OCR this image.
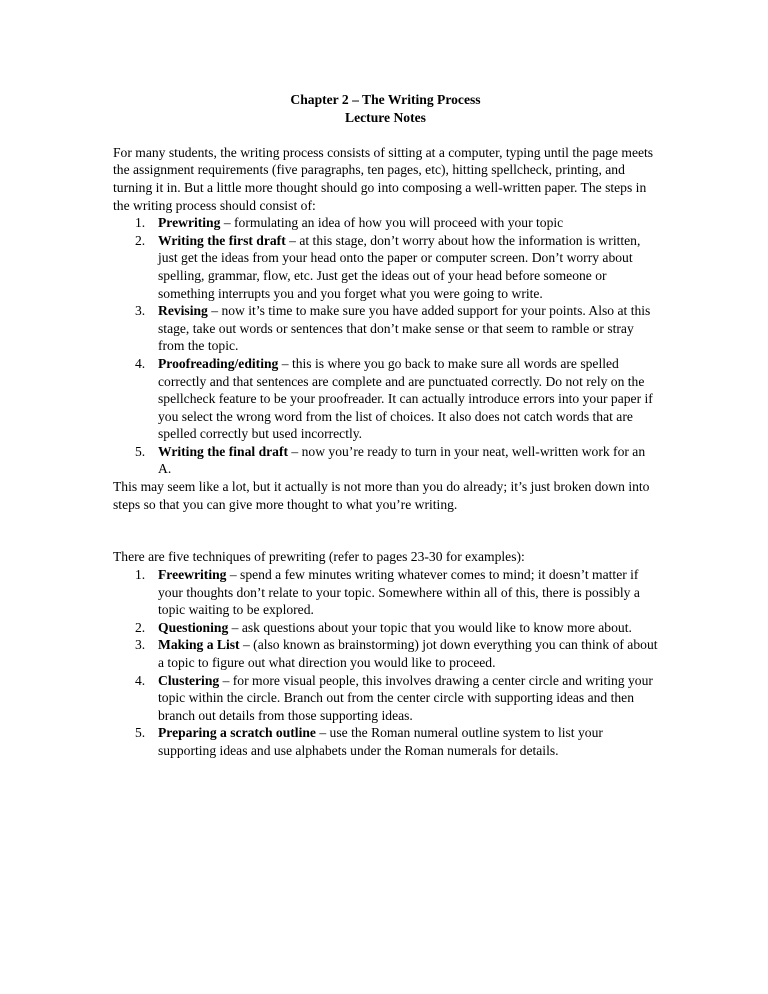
Chapter 2 – The Writing Process

Lecture Notes

For many students, the writing process consists of sitting at a computer, typing until the page meets the assignment requirements (five paragraphs, ten pages, etc), hitting spellcheck, printing, and turning it in. But a little more thought should go into composing a well-written paper. The steps in the writing process should consist of:

1. Prewriting – formulating an idea of how you will proceed with your topic
2. Writing the first draft – at this stage, don’t worry about how the information is written, just get the ideas from your head onto the paper or computer screen. Don’t worry about spelling, grammar, flow, etc. Just get the ideas out of your head before someone or something interrupts you and you forget what you were going to write.
3. Revising – now it’s time to make sure you have added support for your points. Also at this stage, take out words or sentences that don’t make sense or that seem to ramble or stray from the topic.
4. Proofreading/editing – this is where you go back to make sure all words are spelled correctly and that sentences are complete and are punctuated correctly. Do not rely on the spellcheck feature to be your proofreader. It can actually introduce errors into your paper if you select the wrong word from the list of choices. It also does not catch words that are spelled correctly but used incorrectly.
5. Writing the final draft – now you’re ready to turn in your neat, well-written work for an A.

This may seem like a lot, but it actually is not more than you do already; it’s just broken down into steps so that you can give more thought to what you’re writing.

There are five techniques of prewriting (refer to pages 23-30 for examples):

1. Freewriting – spend a few minutes writing whatever comes to mind; it doesn’t matter if your thoughts don’t relate to your topic. Somewhere within all of this, there is possibly a topic waiting to be explored.
2. Questioning – ask questions about your topic that you would like to know more about.
3. Making a List – (also known as brainstorming) jot down everything you can think of about a topic to figure out what direction you would like to proceed.
4. Clustering – for more visual people, this involves drawing a center circle and writing your topic within the circle. Branch out from the center circle with supporting ideas and then branch out details from those supporting ideas.
5. Preparing a scratch outline – use the Roman numeral outline system to list your supporting ideas and use alphabets under the Roman numerals for details.
